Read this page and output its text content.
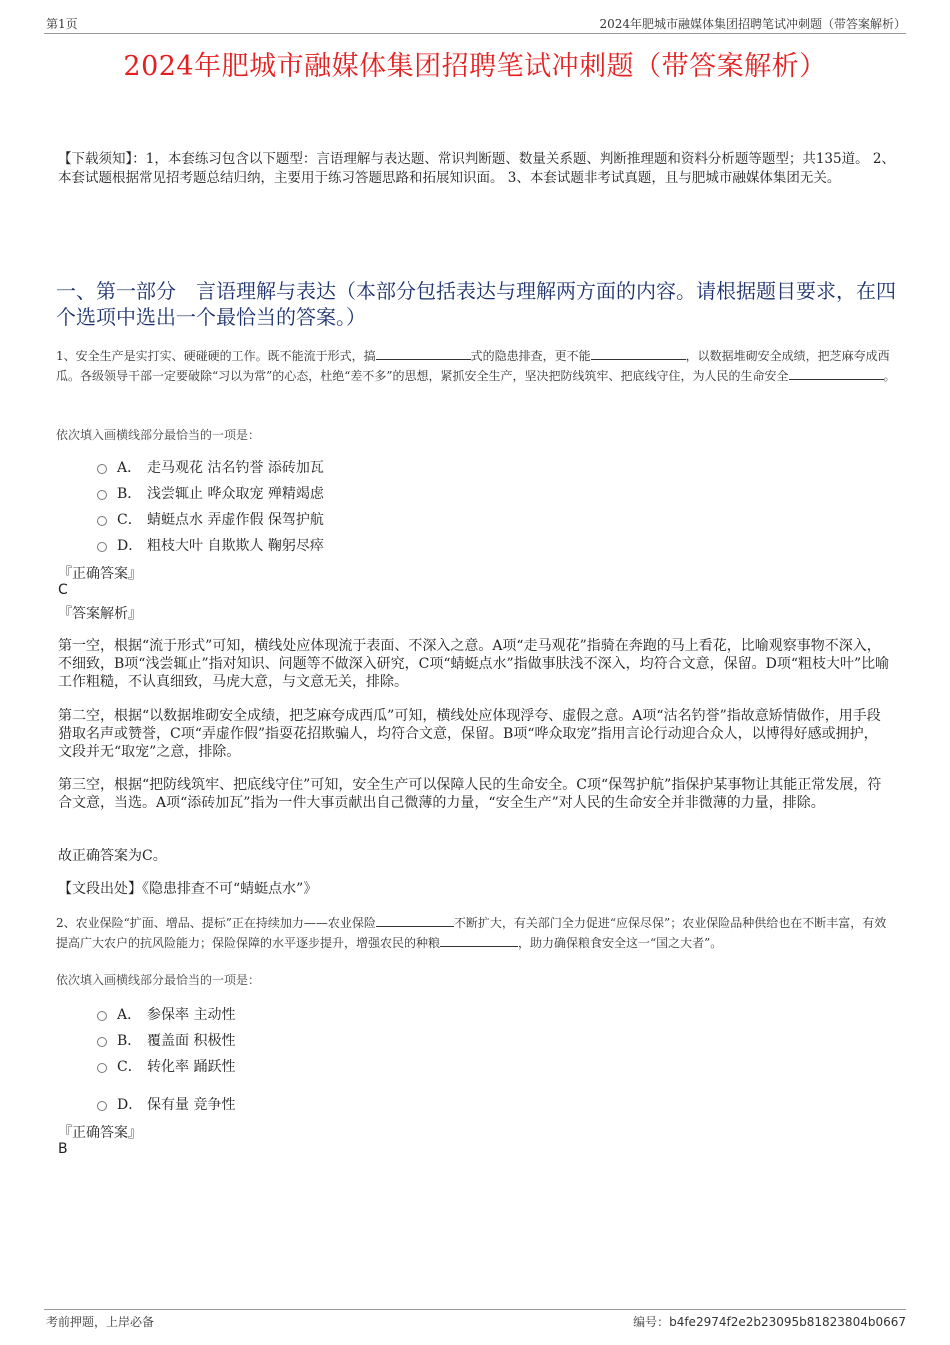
第1页	2024年肥城市融媒体集团招聘笔试冲刺题（带答案解析）
2024年肥城市融媒体集团招聘笔试冲刺题（带答案解析）
【下载须知】：1，本套练习包含以下题型：言语理解与表达题、常识判断题、数量关系题、判断推理题和资料分析题等题型；共135道。 2、本套试题根据常见招考题总结归纳，主要用于练习答题思路和拓展知识面。 3、本套试题非考试真题，且与肥城市融媒体集团无关。
一、第一部分　言语理解与表达（本部分包括表达与理解两方面的内容。请根据题目要求，在四个选项中选出一个最恰当的答案。）
1、安全生产是实打实、硬碰硬的工作。既不能流于形式，搞	式的隐患排查，更不能	，以数据堆砌安全成绩，把芝麻夸成西瓜。各级领导干部一定要破除“习以为常”的心态，杜绝“差不多”的思想，紧抓安全生产，坚决把防线筑牢、把底线守住，为人民的生命安全	。
依次填入画横线部分最恰当的一项是：
A． 走马观花 沽名钓誉 添砖加瓦
B． 浅尝辄止 哗众取宠 殚精竭虑
C． 蜻蜓点水 弄虚作假 保驾护航
D． 粗枝大叶 自欺欺人 鞠躬尽瘁
『正确答案』
C
『答案解析』
第一空，根据“流于形式”可知，横线处应体现流于表面、不深入之意。A项“走马观花”指骑在奔跑的马上看花，比喻观察事物不深入，不细致，B项“浅尝辄止”指对知识、问题等不做深入研究，C项“蜻蜓点水”指做事肤浅不深入，均符合文意，保留。D项“粗枝大叶”比喻工作粗糙，不认真细致，马虎大意，与文意无关，排除。
第二空，根据“以数据堆砌安全成绩，把芝麻夸成西瓜”可知，横线处应体现浮夸、虚假之意。A项“沽名钓誉”指故意矫情做作，用手段猎取名声或赞誉，C项“弄虚作假”指耍花招欺骗人，均符合文意，保留。B项“哗众取宠”指用言论行动迎合众人，以博得好感或拥护，文段并无“取宠”之意，排除。
第三空，根据“把防线筑牢、把底线守住”可知，安全生产可以保障人民的生命安全。C项“保驾护航”指保护某事物让其能正常发展，符合文意，当选。A项“添砖加瓦”指为一件大事贡献出自己微薄的力量，“安全生产”对人民的生命安全并非微薄的力量，排除。
故正确答案为C。
【文段出处】《隐患排查不可“蜻蜓点水”》
2、农业保险“扩面、增品、提标”正在持续加力——农业保险	不断扩大，有关部门全力促进“应保尽保”；农业保险品种供给也在不断丰富，有效提高广大农户的抗风险能力；保险保障的水平逐步提升，增强农民的种粮	，助力确保粮食安全这一“国之大者”。
依次填入画横线部分最恰当的一项是：
A． 参保率 主动性
B． 覆盖面 积极性
C． 转化率 踊跃性
D． 保有量 竞争性
『正确答案』
B
考前押题，上岸必备	编号：b4fe2974f2e2b23095b81823804b0667
